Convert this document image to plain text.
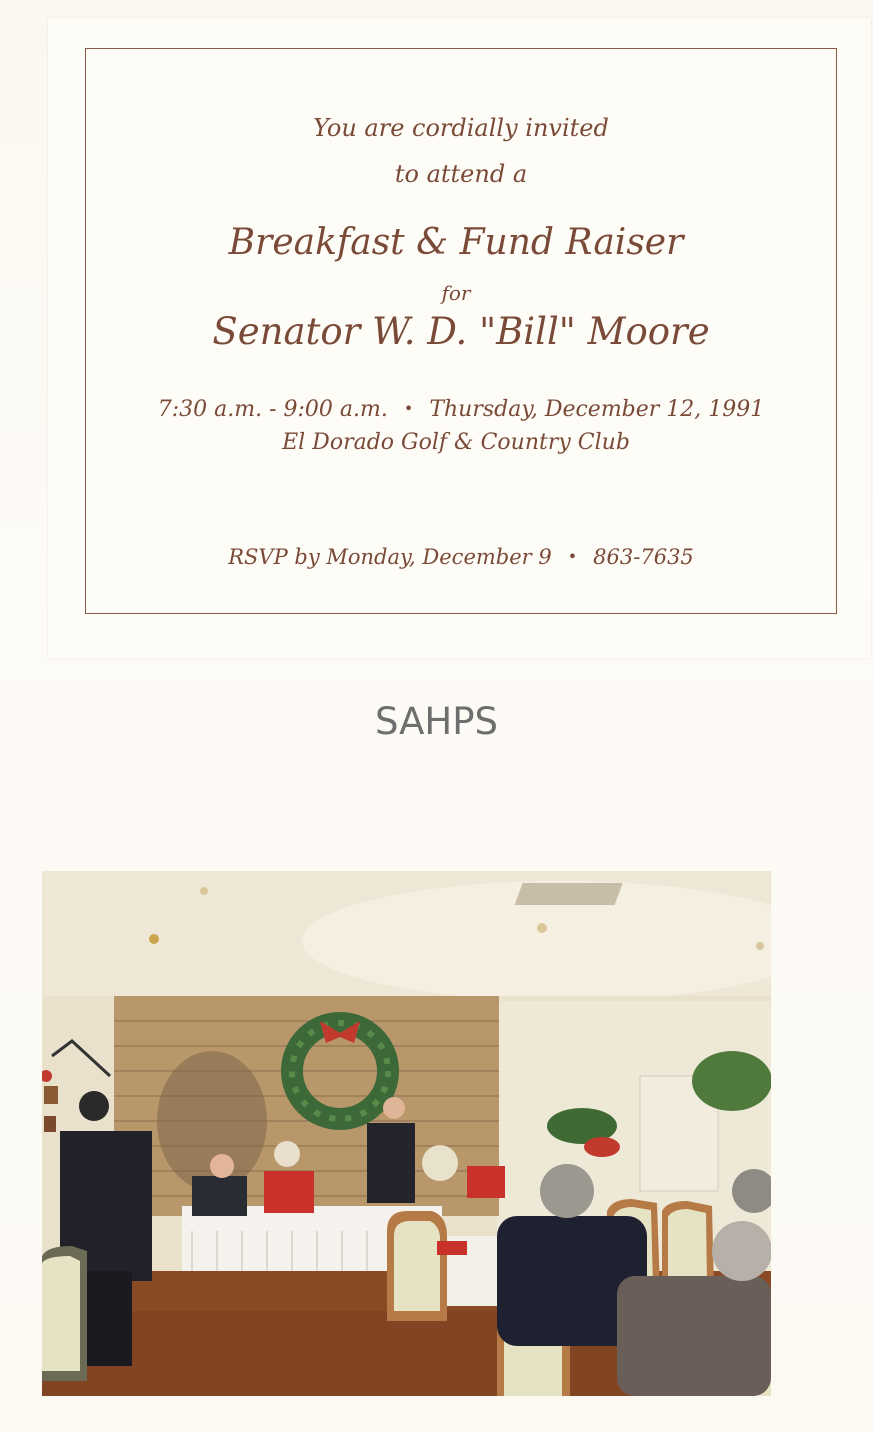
You are cordially invited
to attend a
Breakfast & Fund Raiser
for
Senator W. D. "Bill" Moore
7:30 a.m. - 9:00 a.m. • Thursday, December 12, 1991
El Dorado Golf & Country Club
RSVP by Monday, December 9 • 863-7635
SAHPS
